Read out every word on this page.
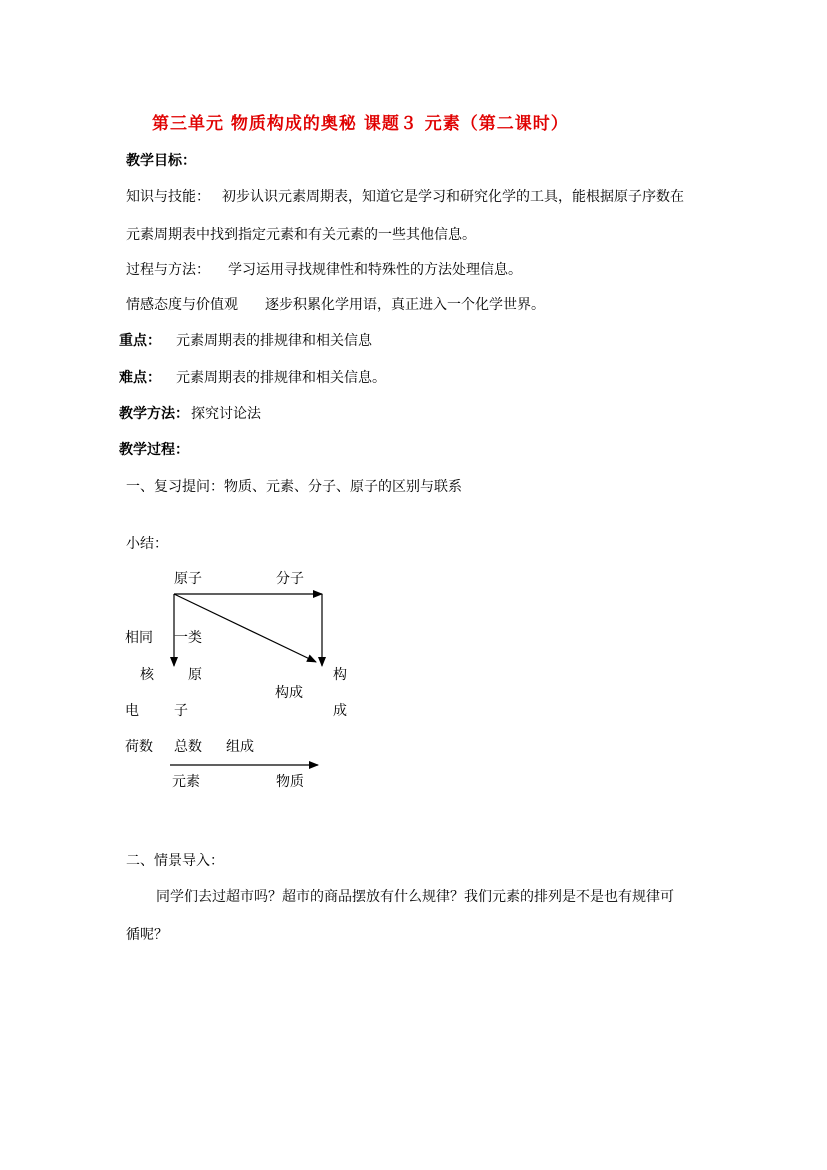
第三单元 物质构成的奥秘 课题３ 元素（第二课时）
教学目标：
知识与技能： 初步认识元素周期表，知道它是学习和研究化学的工具，能根据原子序数在
元素周期表中找到指定元素和有关元素的一些其他信息。
过程与方法： 学习运用寻找规律性和特殊性的方法处理信息。
情感态度与价值观 逐步积累化学用语，真正进入一个化学世界。
重点： 元素周期表的排规律和相关信息
难点： 元素周期表的排规律和相关信息。
教学方法： 探究讨论法
教学过程：
一、复习提问：物质、元素、分子、原子的区别与联系
小结：
原子	分子
相同 一类
核 原	构
构成
电	子	成
荷数 总数 组成
元素	物质
二、情景导入：
同学们去过超市吗？超市的商品摆放有什么规律？我们元素的排列是不是也有规律可
循呢？
